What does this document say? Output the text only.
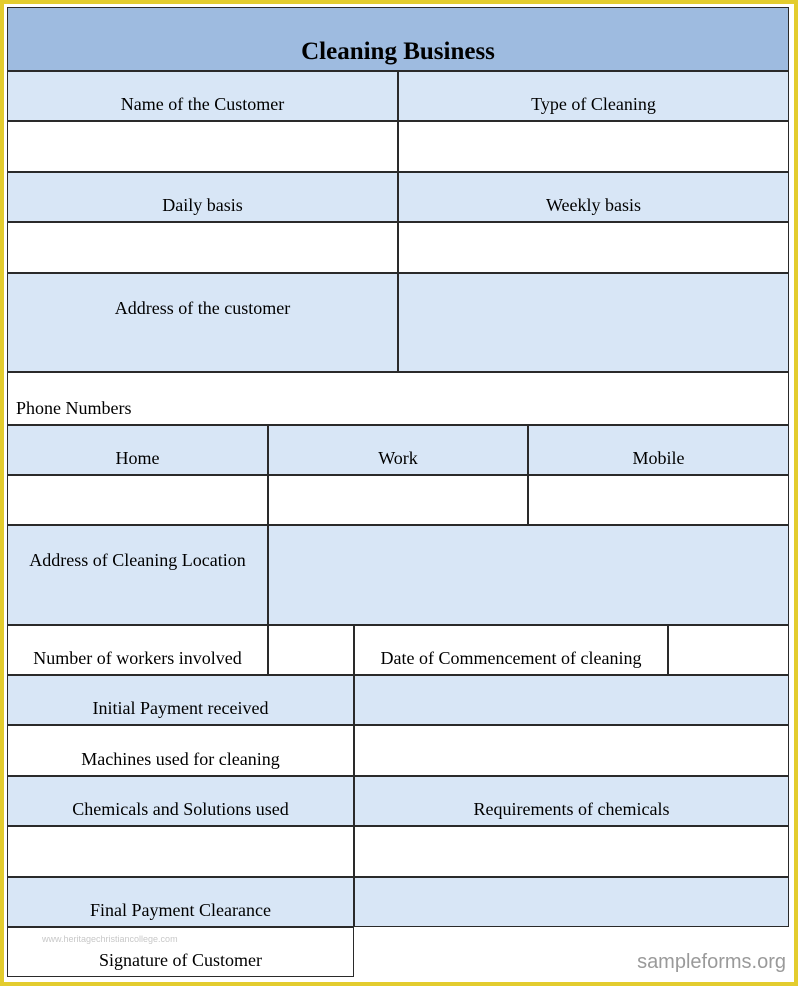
Cleaning Business
Name of the Customer	Type of Cleaning
Daily basis	Weekly basis
Address of the customer
Phone Numbers
Home	Work	Mobile
Address of Cleaning Location
Number of workers involved	Date of Commencement of cleaning
Initial Payment received
Machines used for cleaning
Chemicals and Solutions used	Requirements of chemicals
Final Payment Clearance
Signature of Customer
www.heritagechristiancollege.com
sampleforms.org
